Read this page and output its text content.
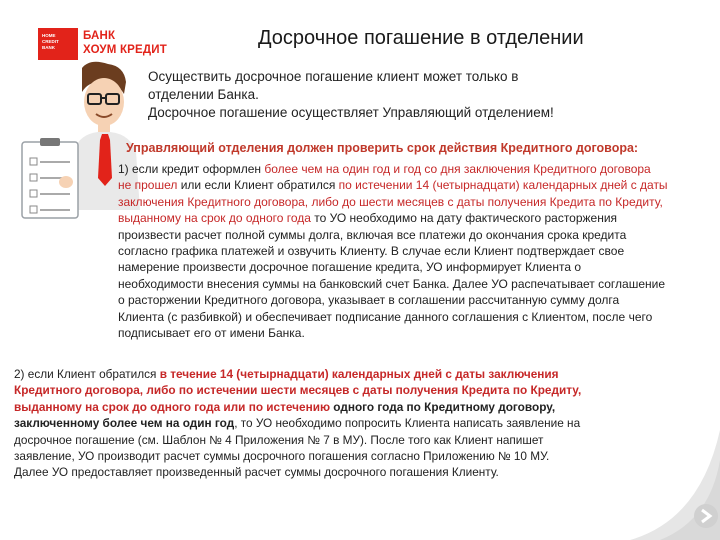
HOME
CREDIT
BANK
БАНК
ХОУМ КРЕДИТ
Досрочное погашение в отделении
Осуществить досрочное погашение клиент может только в
отделении Банка.
Досрочное погашение осуществляет Управляющий отделением!
Управляющий отделения должен проверить срок действия Кредитного договора:
1) если кредит оформлен более чем на один год и год со дня заключения Кредитного договора
не прошел или если Клиент обратился по истечении 14 (четырнадцати) календарных дней с даты
заключения Кредитного договора, либо до шести месяцев с даты получения Кредита по Кредиту,
выданному на срок до одного года то УО необходимо на дату фактического расторжения
произвести расчет полной суммы долга, включая все платежи до окончания срока кредита
согласно графика платежей и озвучить Клиенту. В случае если Клиент подтверждает свое
намерение произвести досрочное погашение кредита, УО информирует Клиента о
необходимости внесения суммы на банковский счет Банка. Далее УО распечатывает соглашение
о расторжении Кредитного договора, указывает в соглашении рассчитанную сумму долга
Клиента (с разбивкой) и обеспечивает подписание данного соглашения с Клиентом, после чего
подписывает его от имени Банка.
2) если Клиент обратился в течение 14 (четырнадцати) календарных дней с даты заключения
Кредитного договора, либо по истечении шести месяцев с даты получения Кредита по Кредиту,
выданному на срок до одного года или по истечению одного года по Кредитному договору,
заключенному более чем на один год, то УО необходимо попросить Клиента написать заявление на
досрочное погашение (см. Шаблон № 4 Приложения № 7 в МУ). После того как Клиент напишет
заявление, УО производит расчет суммы досрочного погашения согласно Приложению № 10 МУ.
Далее УО предоставляет произведенный расчет суммы досрочного погашения Клиенту.
